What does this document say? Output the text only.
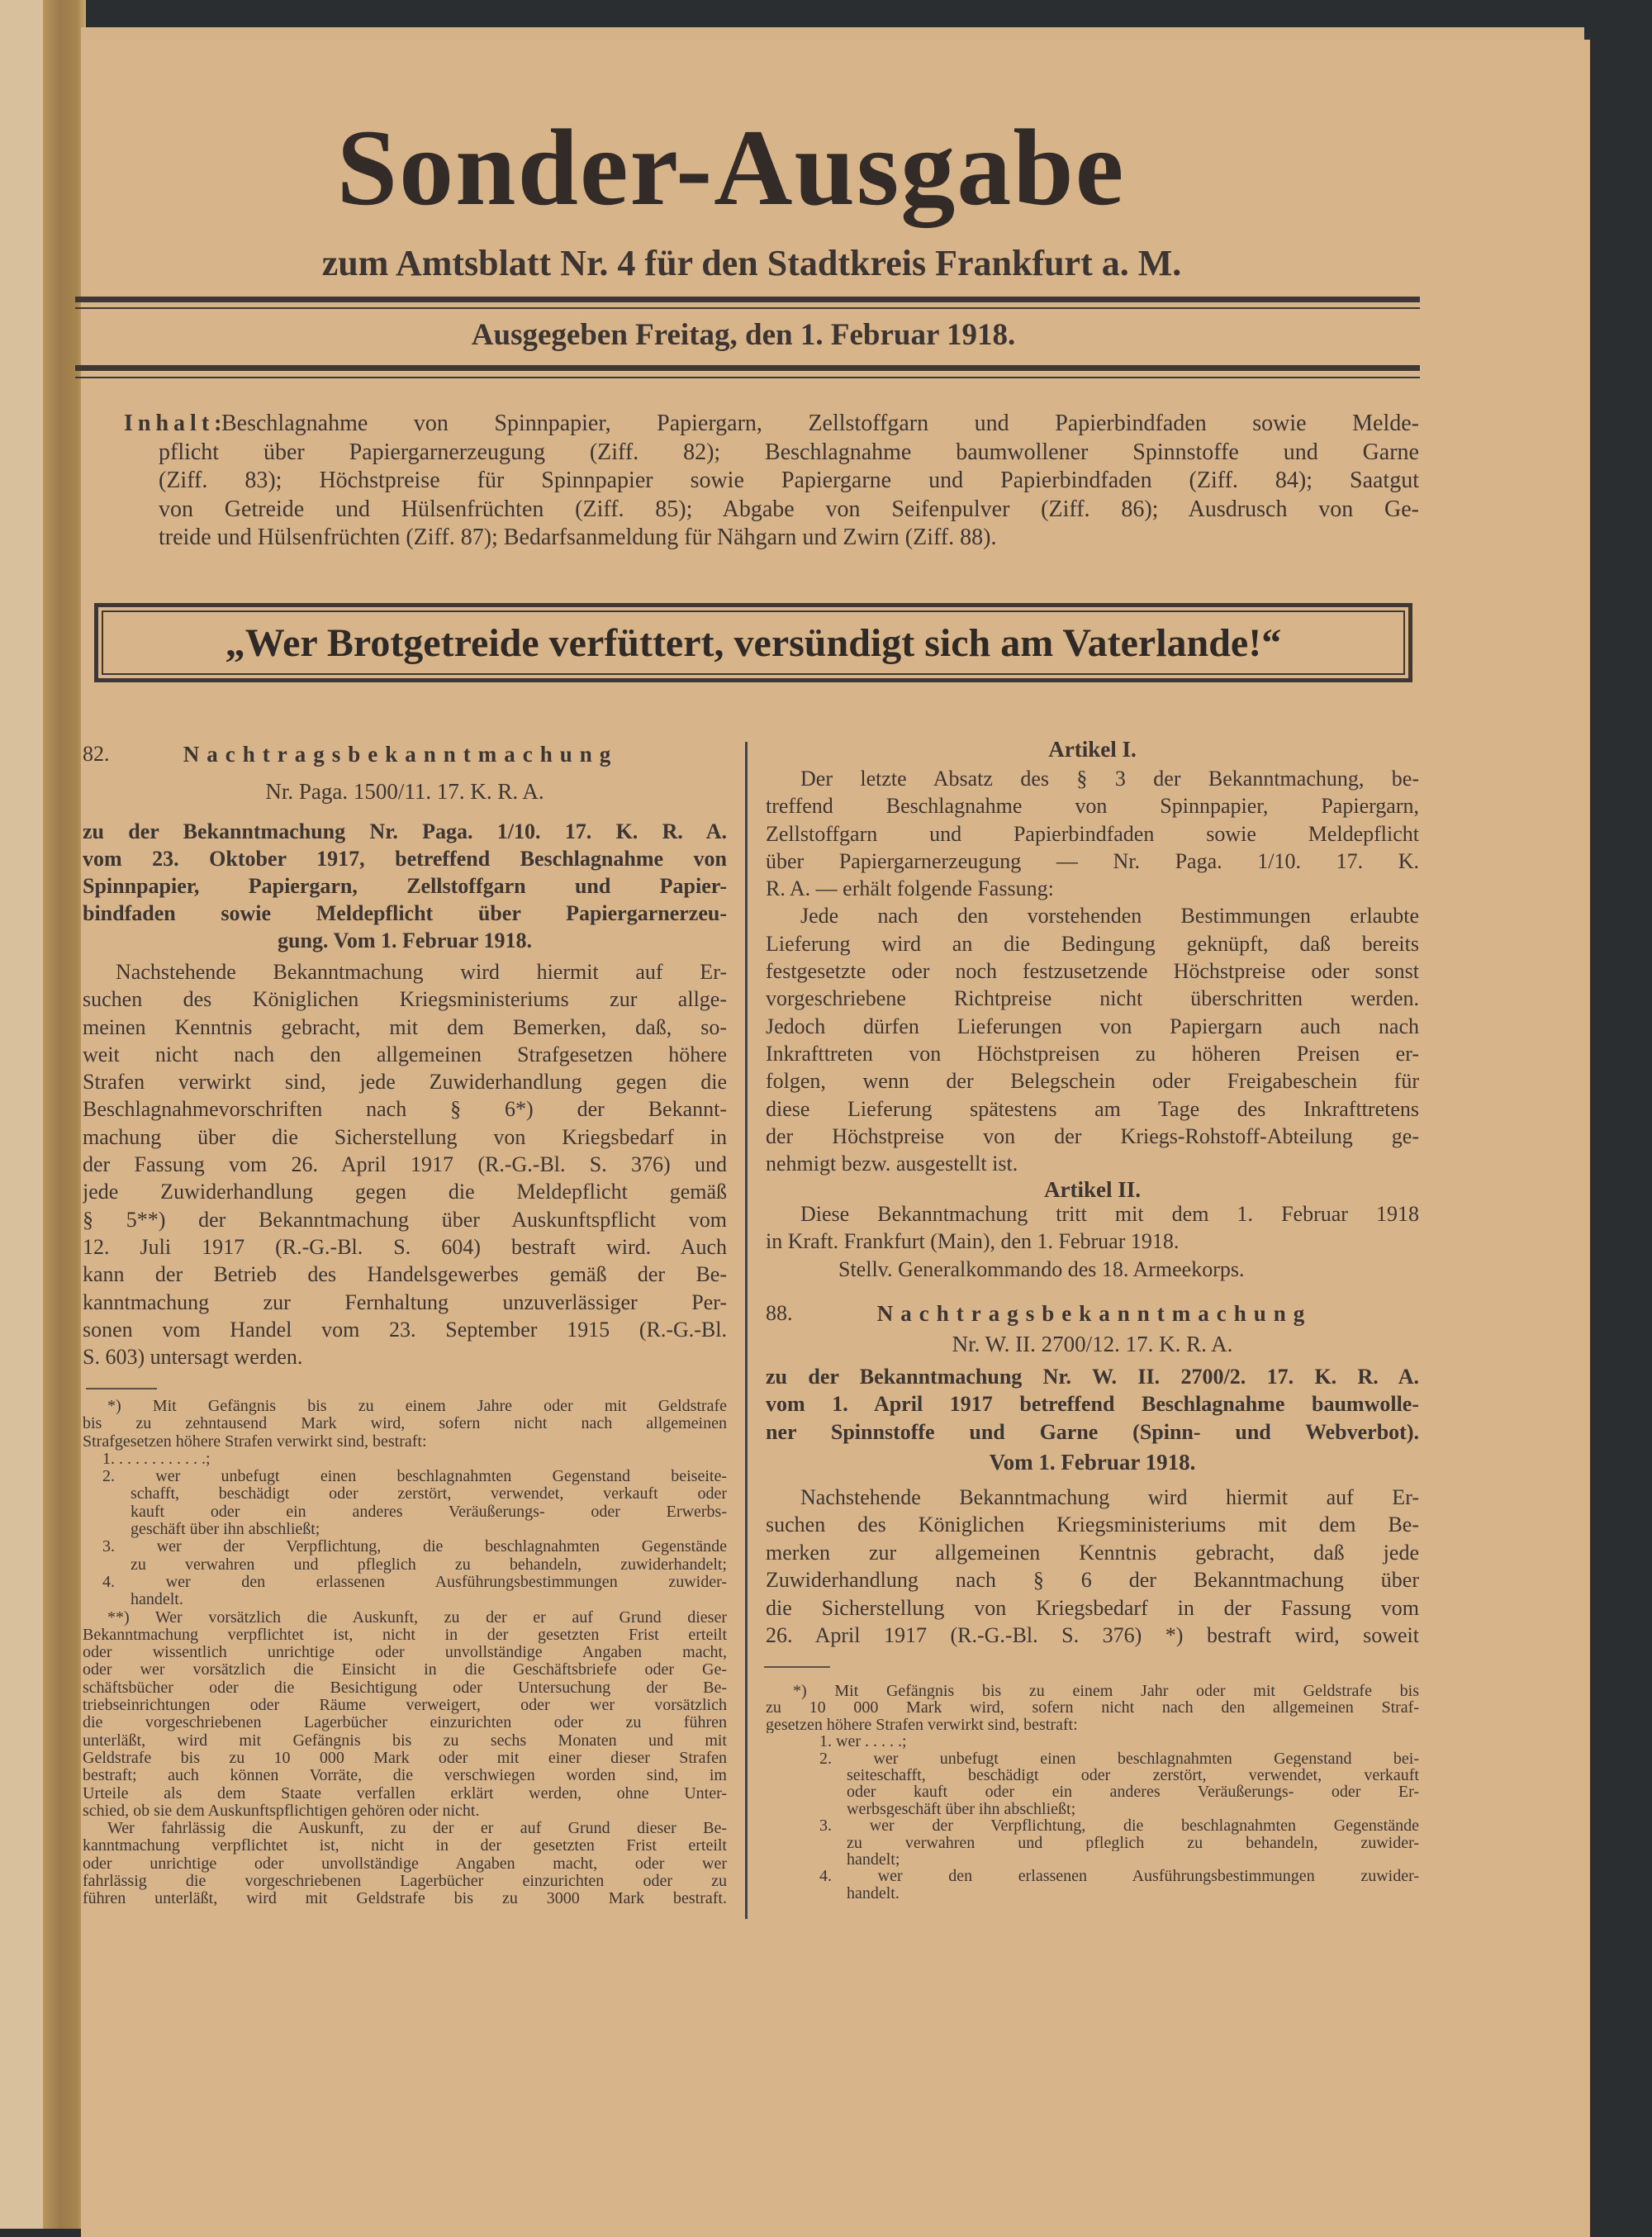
Sonder-Ausgabe
zum Amtsblatt Nr. 4 für den Stadtkreis Frankfurt a. M.
Ausgegeben Freitag, den 1. Februar 1918.
Inhalt:
Beschlagnahme von Spinnpapier, Papiergarn, Zellstoffgarn und Papierbindfaden sowie Melde-
pflicht über Papiergarnerzeugung (Ziff. 82); Beschlagnahme baumwollener Spinnstoffe und Garne
(Ziff. 83); Höchstpreise für Spinnpapier sowie Papiergarne und Papierbindfaden (Ziff. 84); Saatgut
von Getreide und Hülsenfrüchten (Ziff. 85); Abgabe von Seifenpulver (Ziff. 86); Ausdrusch von Ge-
treide und Hülsenfrüchten (Ziff. 87); Bedarfsanmeldung für Nähgarn und Zwirn (Ziff. 88).
„Wer Brotgetreide verfüttert, versündigt sich am Vaterlande!“
82.	Nachtragsbekanntmachung
Nr. Paga. 1500/11. 17. K. R. A.
zu der Bekanntmachung Nr. Paga. 1/10. 17. K. R. A.
vom 23. Oktober 1917, betreffend Beschlagnahme von
Spinnpapier, Papiergarn, Zellstoffgarn und Papier-
bindfaden sowie Meldepflicht über Papiergarnerzeu-
gung. Vom 1. Februar 1918.
Nachstehende Bekanntmachung wird hiermit auf Er-
suchen des Königlichen Kriegsministeriums zur allge-
meinen Kenntnis gebracht, mit dem Bemerken, daß, so-
weit nicht nach den allgemeinen Strafgesetzen höhere
Strafen verwirkt sind, jede Zuwiderhandlung gegen die
Beschlagnahmevorschriften nach § 6*) der Bekannt-
machung über die Sicherstellung von Kriegsbedarf in
der Fassung vom 26. April 1917 (R.-G.-Bl. S. 376) und
jede Zuwiderhandlung gegen die Meldepflicht gemäß
§ 5**) der Bekanntmachung über Auskunftspflicht vom
12. Juli 1917 (R.-G.-Bl. S. 604) bestraft wird. Auch
kann der Betrieb des Handelsgewerbes gemäß der Be-
kanntmachung zur Fernhaltung unzuverlässiger Per-
sonen vom Handel vom 23. September 1915 (R.-G.-Bl.
S. 603) untersagt werden.
*) Mit Gefängnis bis zu einem Jahre oder mit Geldstrafe
bis zu zehntausend Mark wird, sofern nicht nach allgemeinen
Strafgesetzen höhere Strafen verwirkt sind, bestraft:
1. . . . . . . . . . . .;
2. wer unbefugt einen beschlagnahmten Gegenstand beiseite-
schafft, beschädigt oder zerstört, verwendet, verkauft oder
kauft oder ein anderes Veräußerungs- oder Erwerbs-
geschäft über ihn abschließt;
3. wer der Verpflichtung, die beschlagnahmten Gegenstände
zu verwahren und pfleglich zu behandeln, zuwiderhandelt;
4. wer den erlassenen Ausführungsbestimmungen zuwider-
handelt.
**) Wer vorsätzlich die Auskunft, zu der er auf Grund dieser
Bekanntmachung verpflichtet ist, nicht in der gesetzten Frist erteilt
oder wissentlich unrichtige oder unvollständige Angaben macht,
oder wer vorsätzlich die Einsicht in die Geschäftsbriefe oder Ge-
schäftsbücher oder die Besichtigung oder Untersuchung der Be-
triebseinrichtungen oder Räume verweigert, oder wer vorsätzlich
die vorgeschriebenen Lagerbücher einzurichten oder zu führen
unterläßt, wird mit Gefängnis bis zu sechs Monaten und mit
Geldstrafe bis zu 10 000 Mark oder mit einer dieser Strafen
bestraft; auch können Vorräte, die verschwiegen worden sind, im
Urteile als dem Staate verfallen erklärt werden, ohne Unter-
schied, ob sie dem Auskunftspflichtigen gehören oder nicht.
Wer fahrlässig die Auskunft, zu der er auf Grund dieser Be-
kanntmachung verpflichtet ist, nicht in der gesetzten Frist erteilt
oder unrichtige oder unvollständige Angaben macht, oder wer
fahrlässig die vorgeschriebenen Lagerbücher einzurichten oder zu
führen unterläßt, wird mit Geldstrafe bis zu 3000 Mark bestraft.
Artikel I.
Der letzte Absatz des § 3 der Bekanntmachung, be-
treffend Beschlagnahme von Spinnpapier, Papiergarn,
Zellstoffgarn und Papierbindfaden sowie Meldepflicht
über Papiergarnerzeugung — Nr. Paga. 1/10. 17. K.
R. A. — erhält folgende Fassung:
Jede nach den vorstehenden Bestimmungen erlaubte
Lieferung wird an die Bedingung geknüpft, daß bereits
festgesetzte oder noch festzusetzende Höchstpreise oder sonst
vorgeschriebene Richtpreise nicht überschritten werden.
Jedoch dürfen Lieferungen von Papiergarn auch nach
Inkrafttreten von Höchstpreisen zu höheren Preisen er-
folgen, wenn der Belegschein oder Freigabeschein für
diese Lieferung spätestens am Tage des Inkrafttretens
der Höchstpreise von der Kriegs-Rohstoff-Abteilung ge-
nehmigt bezw. ausgestellt ist.
Artikel II.
Diese Bekanntmachung tritt mit dem 1. Februar 1918
in Kraft. Frankfurt (Main), den 1. Februar 1918.
Stellv. Generalkommando des 18. Armeekorps.
88.	Nachtragsbekanntmachung
Nr. W. II. 2700/12. 17. K. R. A.
zu der Bekanntmachung Nr. W. II. 2700/2. 17. K. R. A.
vom 1. April 1917 betreffend Beschlagnahme baumwolle-
ner Spinnstoffe und Garne (Spinn- und Webverbot).
Vom 1. Februar 1918.
Nachstehende Bekanntmachung wird hiermit auf Er-
suchen des Königlichen Kriegsministeriums mit dem Be-
merken zur allgemeinen Kenntnis gebracht, daß jede
Zuwiderhandlung nach § 6 der Bekanntmachung über
die Sicherstellung von Kriegsbedarf in der Fassung vom
26. April 1917 (R.-G.-Bl. S. 376) *) bestraft wird, soweit
*) Mit Gefängnis bis zu einem Jahr oder mit Geldstrafe bis
zu 10 000 Mark wird, sofern nicht nach den allgemeinen Straf-
gesetzen höhere Strafen verwirkt sind, bestraft:
1. wer . . . . .;
2. wer unbefugt einen beschlagnahmten Gegenstand bei-
seiteschafft, beschädigt oder zerstört, verwendet, verkauft
oder kauft oder ein anderes Veräußerungs- oder Er-
werbsgeschäft über ihn abschließt;
3. wer der Verpflichtung, die beschlagnahmten Gegenstände
zu verwahren und pfleglich zu behandeln, zuwider-
handelt;
4. wer den erlassenen Ausführungsbestimmungen zuwider-
handelt.
